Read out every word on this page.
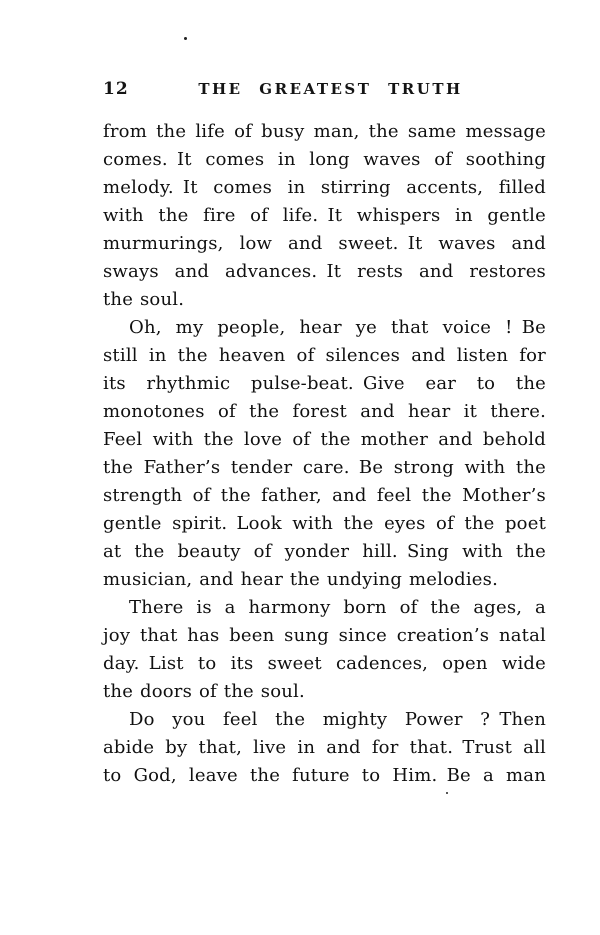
12	THE GREATEST TRUTH
from the life of busy man, the same message
comes. It comes in long waves of soothing
melody. It comes in stirring accents, filled
with the fire of life. It whispers in gentle
murmurings, low and sweet. It waves and
sways and advances. It rests and restores
the soul.
Oh, my people, hear ye that voice ! Be
still in the heaven of silences and listen for
its rhythmic pulse-beat. Give ear to the
monotones of the forest and hear it there.
Feel with the love of the mother and behold
the Father’s tender care. Be strong with the
strength of the father, and feel the Mother’s
gentle spirit. Look with the eyes of the poet
at the beauty of yonder hill. Sing with the
musician, and hear the undying melodies.
There is a harmony born of the ages, a
joy that has been sung since creation’s natal
day. List to its sweet cadences, open wide
the doors of the soul.
Do you feel the mighty Power ? Then
abide by that, live in and for that. Trust all
to God, leave the future to Him. Be a man
